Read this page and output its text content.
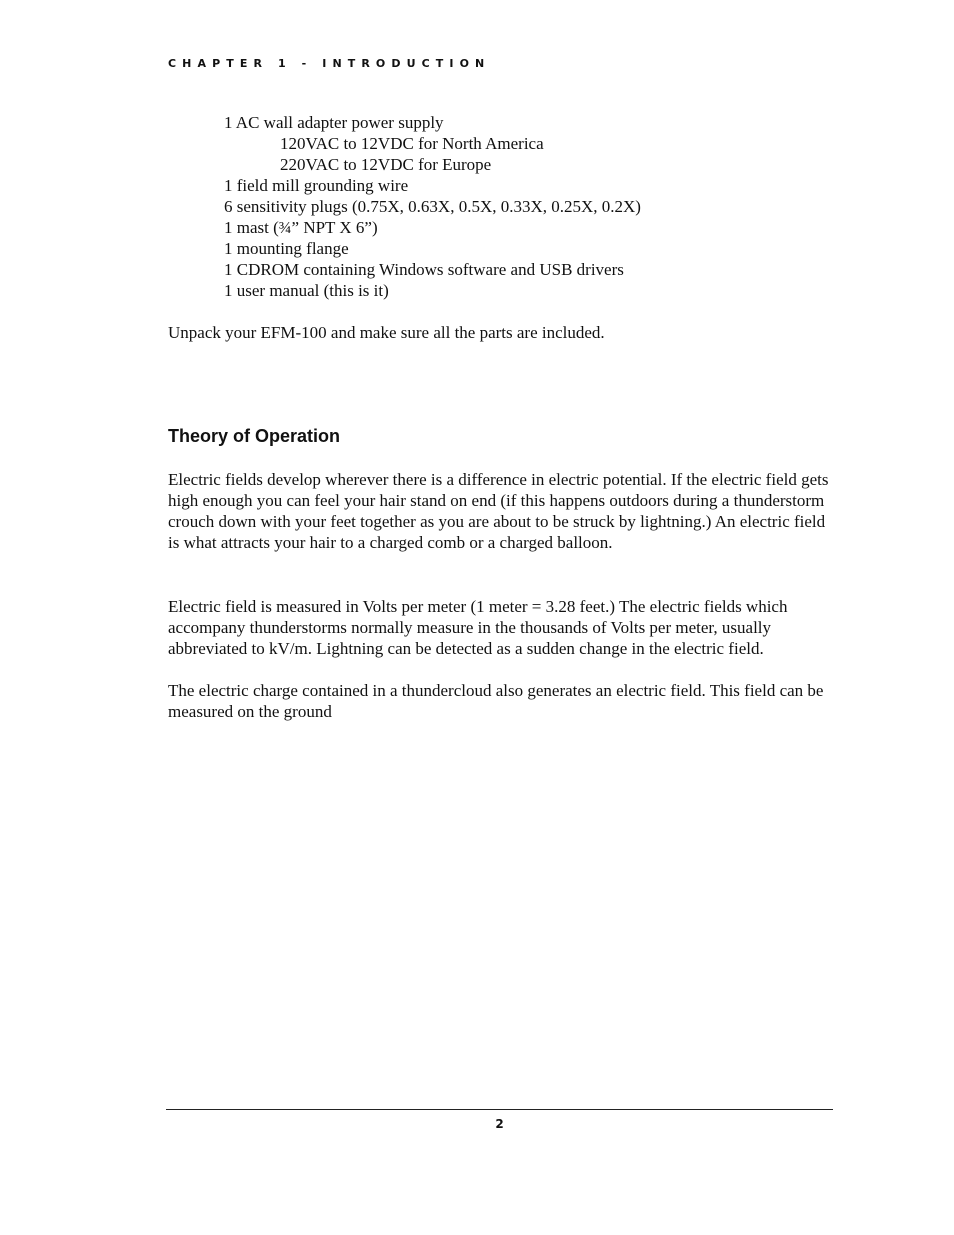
CHAPTER 1 - INTRODUCTION
1 AC wall adapter power supply
120VAC to 12VDC for North America
220VAC to 12VDC for Europe
1 field mill grounding wire
6 sensitivity plugs (0.75X, 0.63X, 0.5X, 0.33X, 0.25X, 0.2X)
1 mast (¾” NPT X 6”)
1 mounting flange
1 CDROM containing Windows software and USB drivers
1 user manual (this is it)

Unpack your EFM-100 and make sure all the parts are included.

Theory of Operation

Electric fields develop wherever there is a difference in electric potential. If the electric field gets high enough you can feel your hair stand on end (if this happens outdoors during a thunderstorm crouch down with your feet together as you are about to be struck by lightning.) An electric field is what attracts your hair to a charged comb or a charged balloon.

Electric field is measured in Volts per meter (1 meter = 3.28 feet.) The electric fields which accompany thunderstorms normally measure in the thousands of Volts per meter, usually abbreviated to kV/m. Lightning can be detected as a sudden change in the electric field.

The electric charge contained in a thundercloud also generates an electric field. This field can be measured on the ground

2
